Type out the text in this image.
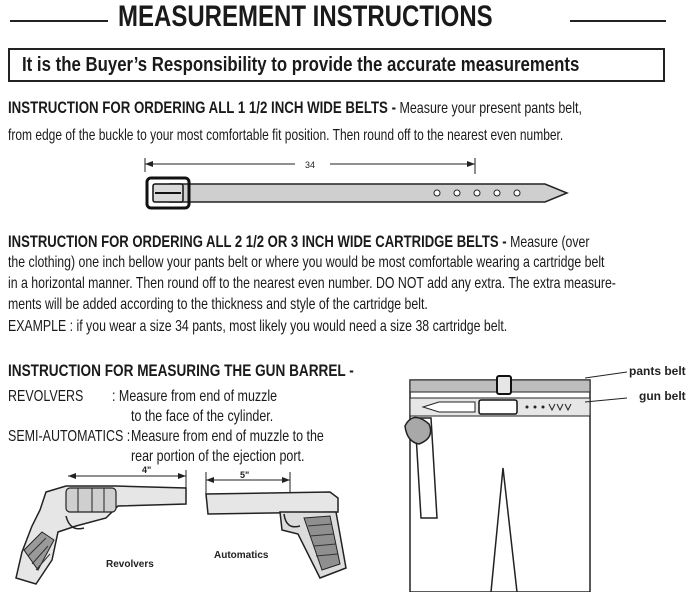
MEASUREMENT INSTRUCTIONS
It is the Buyer’s Responsibility to provide the accurate measurements
INSTRUCTION FOR ORDERING ALL 1 1/2 INCH WIDE BELTS - Measure your present pants belt,
from edge of the buckle to your most comfortable fit position. Then round off to the nearest even number.
34
INSTRUCTION FOR ORDERING ALL 2 1/2 OR 3 INCH WIDE CARTRIDGE BELTS - Measure (over
the clothing) one inch bellow your pants belt or where you would be most comfortable wearing a cartridge belt
in a horizontal manner. Then round off to the nearest even number. DO NOT add any extra. The extra measure-
ments will be added according to the thickness and style of the cartridge belt.
EXAMPLE : if you wear a size 34 pants, most likely you would need a size 38 cartridge belt.
INSTRUCTION FOR MEASURING THE GUN BARREL -
REVOLVERS : Measure from end of muzzle
to the face of the cylinder.
SEMI-AUTOMATICS : Measure from end of muzzle to the
rear portion of the ejection port.
4"
Revolvers
5"
Automatics
pants belt
gun belt
